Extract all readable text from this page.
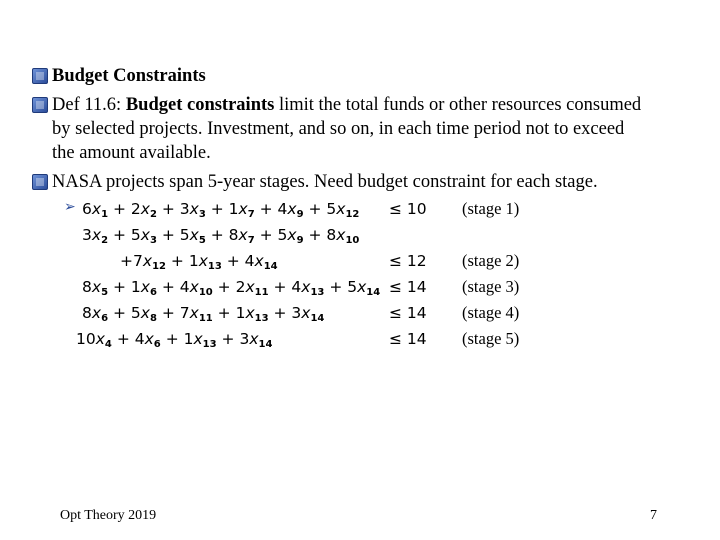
Budget Constraints
Def 11.6: Budget constraints limit the total funds or other resources consumed
by selected projects. Investment, and so on, in each time period not to exceed
the amount available.
NASA projects span 5-year stages. Need budget constraint for each stage.
➢ $6x_1 + 2x_2 + 3x_3 + 1x_7 + 4x_9 + 5x_{12} \le 10$ (stage 1)
$3x_2 + 5x_3 + 5x_5 + 8x_7 + 5x_9 + 8x_{10}$
$+7x_{12} + 1x_{13} + 4x_{14}$	≤ 12 (stage 2)
$8x_5 + 1x_6 + 4x_{10} + 2x_{11} + 4x_{13} + 5x_{14} \le 14$ (stage 3)
$8x_6 + 5x_8 + 7x_{11} + 1x_{13} + 3x_{14}$	≤ 14 (stage 4)
$10x_4 + 4x_6 + 1x_{13} + 3x_{14}$	≤ 14 (stage 5)
Opt Theory 2019	7
